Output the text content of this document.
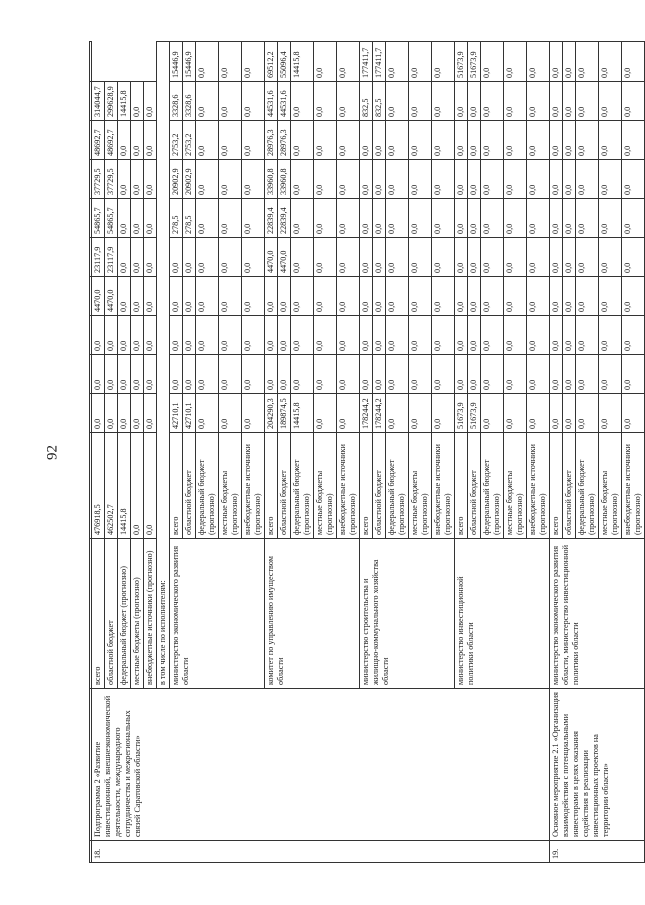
92

18.	Подпрограмма 2 «Развитие инвестиционной, внешнеэкономической деятельности, международного сотрудничества и межрегиональных связей Саратовской области»	всего	476918,5	0,0	0,0	0,0	4470,0	23117,9	54865,7	37729,5	48692,7	314044,7	
		областной бюджет	462502,7	0,0	0,0	0,0	4470,0	23117,9	54865,7	37729,5	48692,7	299628,9	
		федеральный бюджет (прогнозно)	14415,8	0,0	0,0	0,0	0,0	0,0	0,0	0,0	0,0	14415,8	
		местные бюджеты (прогнозно)	0,0	0,0	0,0	0,0	0,0	0,0	0,0	0,0	0,0	0,0	
		внебюджетные источники (прогнозно)	0,0	0,0	0,0	0,0	0,0	0,0	0,0	0,0	0,0	0,0	
		в том числе по исполнителям:											
		министерство экономического развития области	всего	42710,1	0,0	0,0	0,0	0,0	278,5	20902,9	2753,2	3328,6	15446,9
			областной бюджет	42710,1	0,0	0,0	0,0	0,0	278,5	20902,9	2753,2	3328,6	15446,9
			федеральный бюджет (прогнозно)	0,0	0,0	0,0	0,0	0,0	0,0	0,0	0,0	0,0	0,0
			местные бюджеты (прогнозно)	0,0	0,0	0,0	0,0	0,0	0,0	0,0	0,0	0,0	0,0
			внебюджетные источники (прогнозно)	0,0	0,0	0,0	0,0	0,0	0,0	0,0	0,0	0,0	0,0
		комитет по управлению имуществом области	всего	204290,3	0,0	0,0	0,0	4470,0	22839,4	33960,8	28976,3	44531,6	69512,2
			областной бюджет	189874,5	0,0	0,0	0,0	4470,0	22839,4	33960,8	28976,3	44531,6	55096,4
			федеральный бюджет (прогнозно)	14415,8	0,0	0,0	0,0	0,0	0,0	0,0	0,0	0,0	14415,8
			местные бюджеты (прогнозно)	0,0	0,0	0,0	0,0	0,0	0,0	0,0	0,0	0,0	0,0
			внебюджетные источники (прогнозно)	0,0	0,0	0,0	0,0	0,0	0,0	0,0	0,0	0,0	0,0
		министерство строительства и жилищно-коммунального хозяйства области	всего	178244,2	0,0	0,0	0,0	0,0	0,0	0,0	0,0	832,5	177411,7
			областной бюджет	178244,2	0,0	0,0	0,0	0,0	0,0	0,0	0,0	832,5	177411,7
			федеральный бюджет (прогнозно)	0,0	0,0	0,0	0,0	0,0	0,0	0,0	0,0	0,0	0,0
			местные бюджеты (прогнозно)	0,0	0,0	0,0	0,0	0,0	0,0	0,0	0,0	0,0	0,0
			внебюджетные источники (прогнозно)	0,0	0,0	0,0	0,0	0,0	0,0	0,0	0,0	0,0	0,0
		министерство инвестиционной политики области	всего	51673,9	0,0	0,0	0,0	0,0	0,0	0,0	0,0	0,0	51673,9
			областной бюджет	51673,9	0,0	0,0	0,0	0,0	0,0	0,0	0,0	0,0	51673,9
			федеральный бюджет (прогнозно)	0,0	0,0	0,0	0,0	0,0	0,0	0,0	0,0	0,0	0,0
			местные бюджеты (прогнозно)	0,0	0,0	0,0	0,0	0,0	0,0	0,0	0,0	0,0	0,0
			внебюджетные источники (прогнозно)	0,0	0,0	0,0	0,0	0,0	0,0	0,0	0,0	0,0	0,0
19.	Основное мероприятие 2.1 «Организация взаимодействия с потенциальными инвесторами в целях оказания содействия в реализации инвестиционных проектов на территории области»	министерство экономического развития области, министерство инвестиционной политики области	всего	0,0	0,0	0,0	0,0	0,0	0,0	0,0	0,0	0,0	0,0
			областной бюджет	0,0	0,0	0,0	0,0	0,0	0,0	0,0	0,0	0,0	0,0
			федеральный бюджет (прогнозно)	0,0	0,0	0,0	0,0	0,0	0,0	0,0	0,0	0,0	0,0
			местные бюджеты (прогнозно)	0,0	0,0	0,0	0,0	0,0	0,0	0,0	0,0	0,0	0,0
			внебюджетные источники (прогнозно)	0,0	0,0	0,0	0,0	0,0	0,0	0,0	0,0	0,0	0,0
